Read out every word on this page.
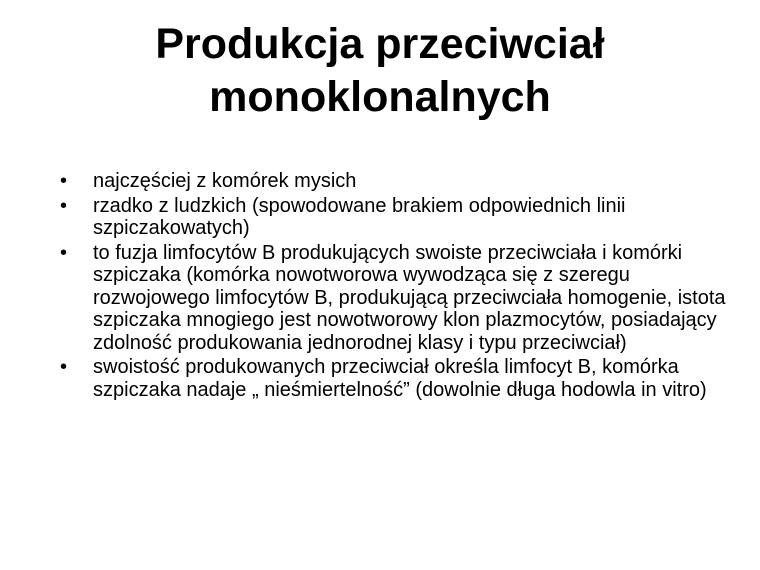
Produkcja przeciwciał
monoklonalnych
• najczęściej z komórek mysich
• rzadko z ludzkich (spowodowane brakiem odpowiednich linii szpiczakowatych)
• to fuzja limfocytów B produkujących swoiste przeciwciała i komórki szpiczaka (komórka nowotworowa wywodząca się z szeregu rozwojowego limfocytów B, produkującą przeciwciała homogenie, istota szpiczaka mnogiego jest nowotworowy klon plazmocytów, posiadający zdolność produkowania jednorodnej klasy i typu przeciwciał)
• swoistość produkowanych przeciwciał określa limfocyt B, komórka szpiczaka nadaje „ nieśmiertelność” (dowolnie długa hodowla in vitro)
